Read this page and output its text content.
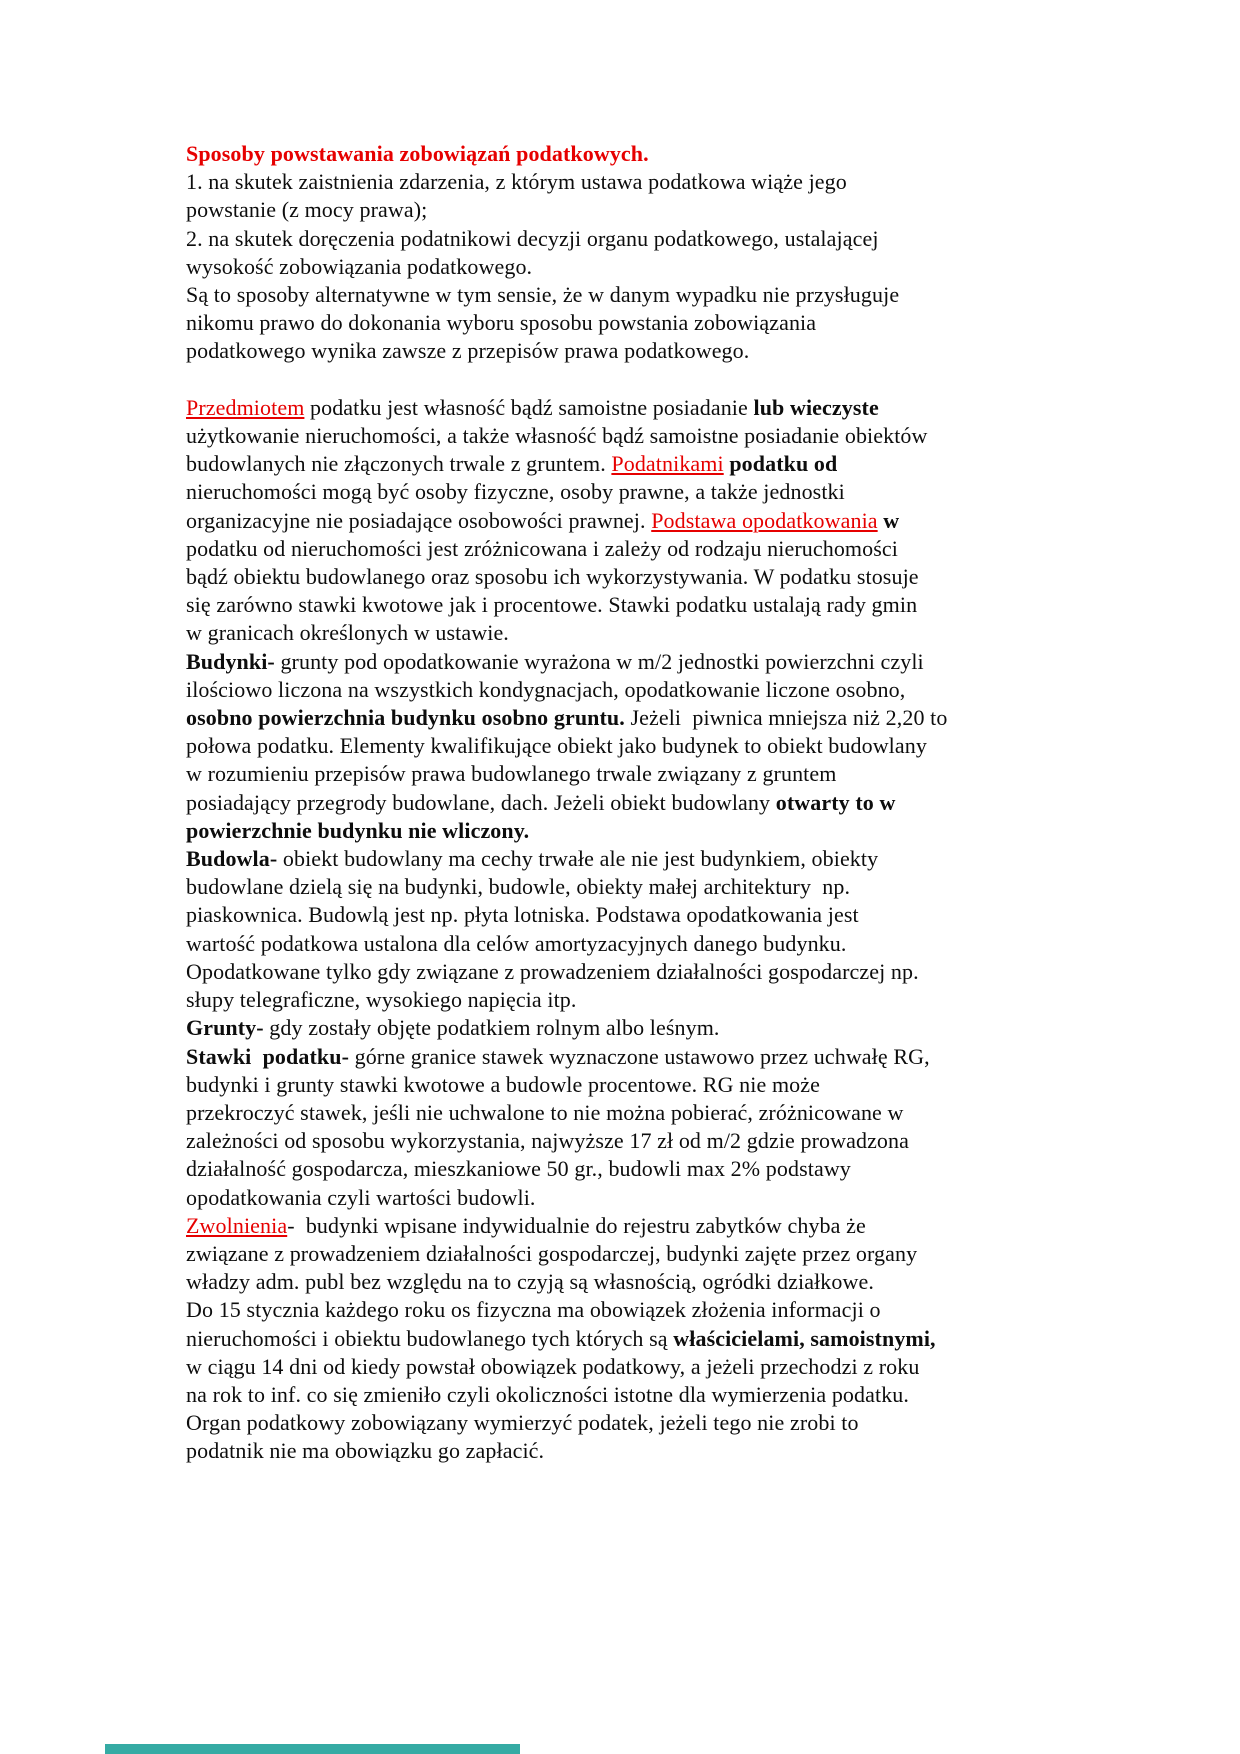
Sposoby powstawania zobowiązań podatkowych.
1. na skutek zaistnienia zdarzenia, z którym ustawa podatkowa wiąże jego
powstanie (z mocy prawa);
2. na skutek doręczenia podatnikowi decyzji organu podatkowego, ustalającej
wysokość zobowiązania podatkowego.
Są to sposoby alternatywne w tym sensie, że w danym wypadku nie przysługuje
nikomu prawo do dokonania wyboru sposobu powstania zobowiązania
podatkowego wynika zawsze z przepisów prawa podatkowego.

Przedmiotem podatku jest własność bądź samoistne posiadanie lub wieczyste
użytkowanie nieruchomości, a także własność bądź samoistne posiadanie obiektów
budowlanych nie złączonych trwale z gruntem. Podatnikami podatku od
nieruchomości mogą być osoby fizyczne, osoby prawne, a także jednostki
organizacyjne nie posiadające osobowości prawnej. Podstawa opodatkowania w
podatku od nieruchomości jest zróżnicowana i zależy od rodzaju nieruchomości
bądź obiektu budowlanego oraz sposobu ich wykorzystywania. W podatku stosuje
się zarówno stawki kwotowe jak i procentowe. Stawki podatku ustalają rady gmin
w granicach określonych w ustawie.
Budynki- grunty pod opodatkowanie wyrażona w m/2 jednostki powierzchni czyli
ilościowo liczona na wszystkich kondygnacjach, opodatkowanie liczone osobno,
osobno powierzchnia budynku osobno gruntu. Jeżeli  piwnica mniejsza niż 2,20 to
połowa podatku. Elementy kwalifikujące obiekt jako budynek to obiekt budowlany
w rozumieniu przepisów prawa budowlanego trwale związany z gruntem
posiadający przegrody budowlane, dach. Jeżeli obiekt budowlany otwarty to w
powierzchnie budynku nie wliczony.
Budowla- obiekt budowlany ma cechy trwałe ale nie jest budynkiem, obiekty
budowlane dzielą się na budynki, budowle, obiekty małej architektury  np.
piaskownica. Budowlą jest np. płyta lotniska. Podstawa opodatkowania jest
wartość podatkowa ustalona dla celów amortyzacyjnych danego budynku.
Opodatkowane tylko gdy związane z prowadzeniem działalności gospodarczej np.
słupy telegraficzne, wysokiego napięcia itp.
Grunty- gdy zostały objęte podatkiem rolnym albo leśnym.
Stawki  podatku- górne granice stawek wyznaczone ustawowo przez uchwałę RG,
budynki i grunty stawki kwotowe a budowle procentowe. RG nie może
przekroczyć stawek, jeśli nie uchwalone to nie można pobierać, zróżnicowane w
zależności od sposobu wykorzystania, najwyższe 17 zł od m/2 gdzie prowadzona
działalność gospodarcza, mieszkaniowe 50 gr., budowli max 2% podstawy
opodatkowania czyli wartości budowli.
Zwolnienia-  budynki wpisane indywidualnie do rejestru zabytków chyba że
związane z prowadzeniem działalności gospodarczej, budynki zajęte przez organy
władzy adm. publ bez względu na to czyją są własnością, ogródki działkowe.
Do 15 stycznia każdego roku os fizyczna ma obowiązek złożenia informacji o
nieruchomości i obiektu budowlanego tych których są właścicielami, samoistnymi,
w ciągu 14 dni od kiedy powstał obowiązek podatkowy, a jeżeli przechodzi z roku
na rok to inf. co się zmieniło czyli okoliczności istotne dla wymierzenia podatku.
Organ podatkowy zobowiązany wymierzyć podatek, jeżeli tego nie zrobi to
podatnik nie ma obowiązku go zapłacić.
